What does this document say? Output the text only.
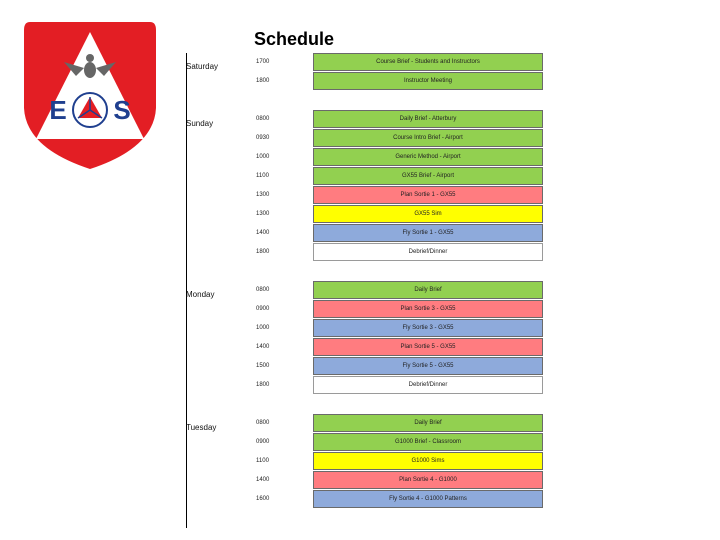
E S
Schedule
Saturday	1700	Course Brief - Students and Instructors
1800	Instructor Meeting
Sunday	0800	Daily Brief - Atterbury
0930	Course Intro Brief - Airport
1000	Generic Method - Airport
1100	GX55 Brief - Airport
1300	Plan Sortie 1 - GX55
1300	GX55 Sim
1400	Fly Sortie 1 - GX55
1800	Debrief/Dinner
Monday	0800	Daily Brief
0900	Plan Sortie 3 - GX55
1000	Fly Sortie 3 - GX55
1400	Plan Sortie 5 - GX55
1500	Fly Sortie 5 - GX55
1800	Debrief/Dinner
Tuesday	0800	Daily Brief
0900	G1000 Brief - Classroom
1100	G1000 Sims
1400	Plan Sortie 4 - G1000
1600	Fly Sortie 4 - G1000 Patterns
